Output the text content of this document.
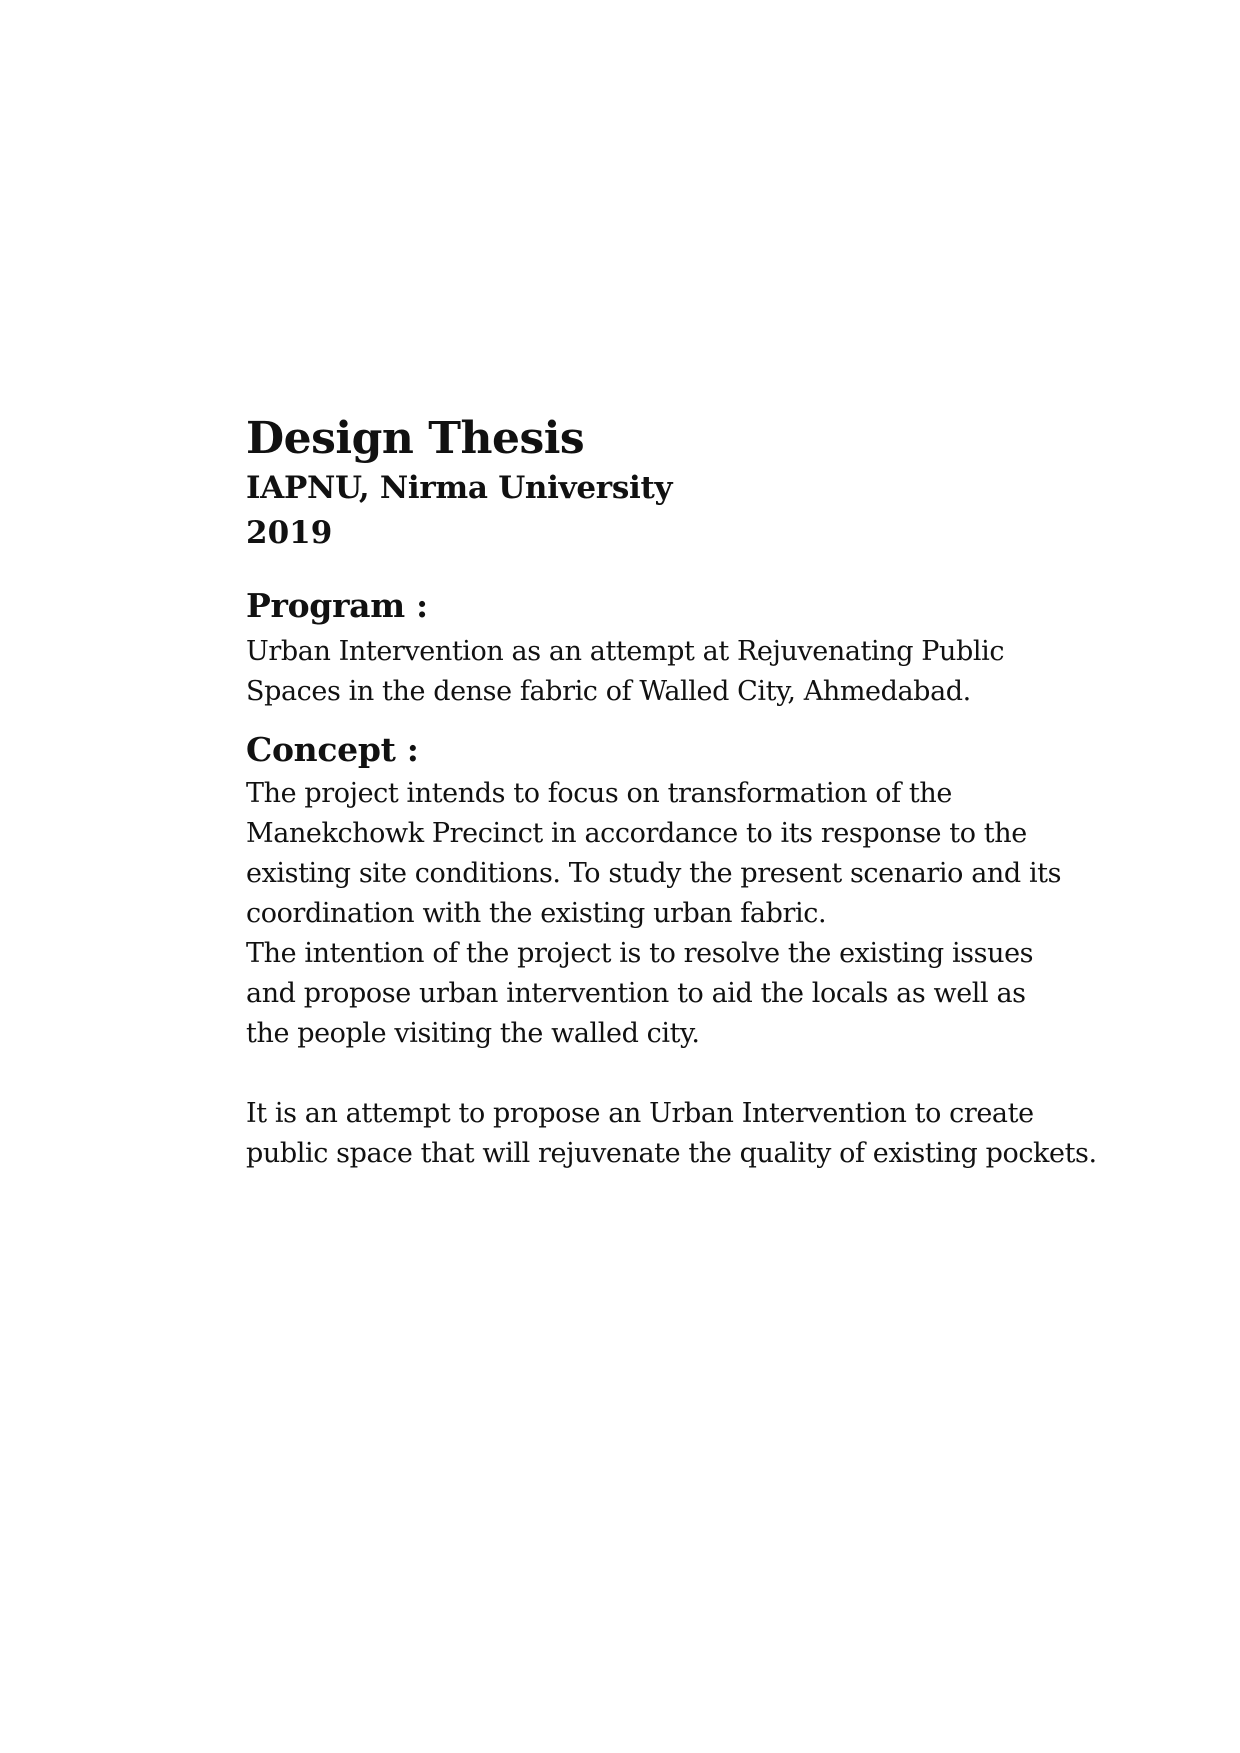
Design Thesis
IAPNU, Nirma University
2019
Program :

Urban Intervention as an attempt at Rejuvenating Public
Spaces in the dense fabric of Walled City, Ahmedabad.

Concept :

The project intends to focus on transformation of the
Manekchowk Precinct in accordance to its response to the
existing site conditions. To study the present scenario and its
coordination with the existing urban fabric.
The intention of the project is to resolve the existing issues
and propose urban intervention to aid the locals as well as
the people visiting the walled city.

It is an attempt to propose an Urban Intervention to create
public space that will rejuvenate the quality of existing pockets.
